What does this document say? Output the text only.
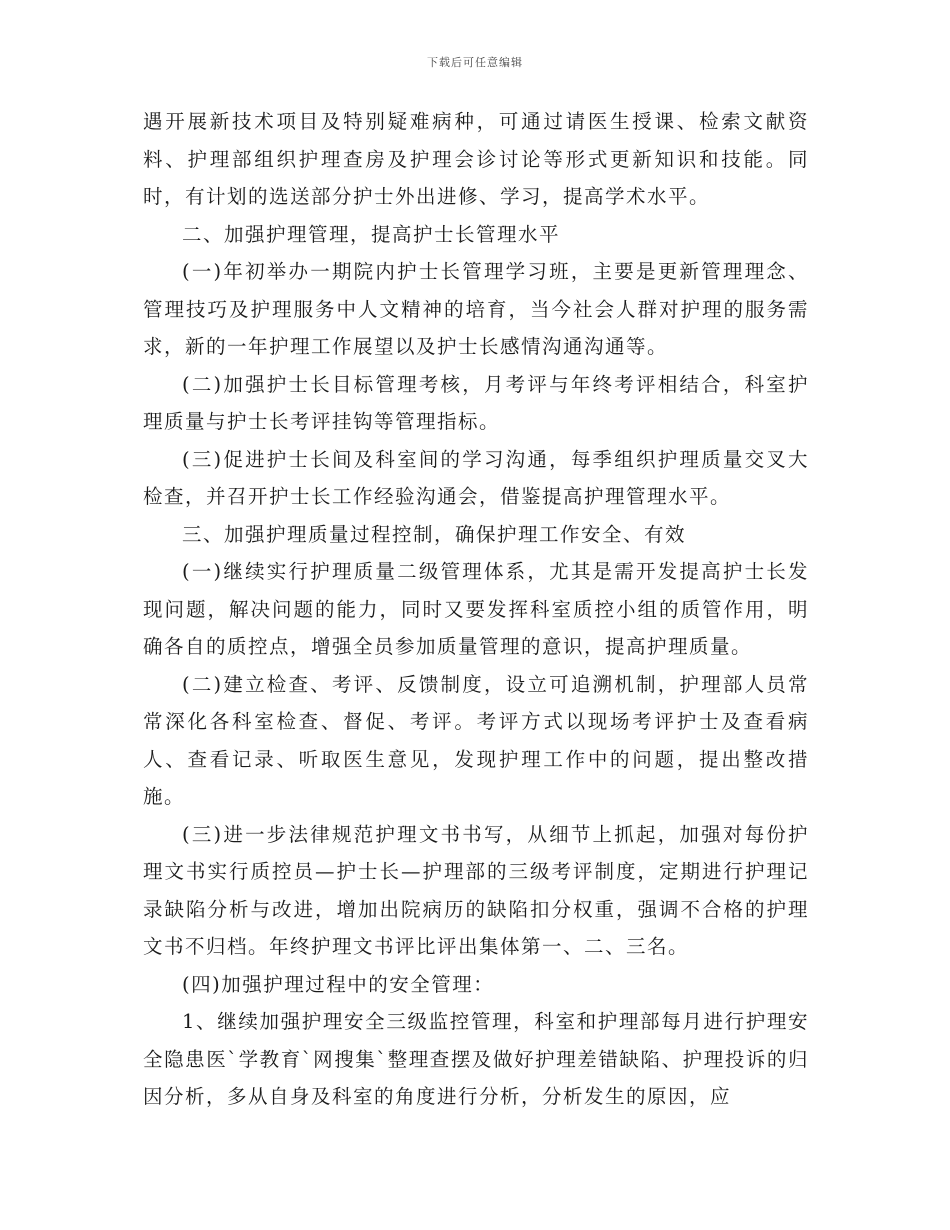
下载后可任意编辑

遇开展新技术项目及特别疑难病种，可通过请医生授课、检索文献资料、护理部组织护理查房及护理会诊讨论等形式更新知识和技能。同时，有计划的选送部分护士外出进修、学习，提高学术水平。

二、加强护理管理，提高护士长管理水平

(一)年初举办一期院内护士长管理学习班，主要是更新管理理念、管理技巧及护理服务中人文精神的培育，当今社会人群对护理的服务需求，新的一年护理工作展望以及护士长感情沟通沟通等。

(二)加强护士长目标管理考核，月考评与年终考评相结合，科室护理质量与护士长考评挂钩等管理指标。

(三)促进护士长间及科室间的学习沟通，每季组织护理质量交叉大检查，并召开护士长工作经验沟通会，借鉴提高护理管理水平。

三、加强护理质量过程控制，确保护理工作安全、有效

(一)继续实行护理质量二级管理体系，尤其是需开发提高护士长发现问题，解决问题的能力，同时又要发挥科室质控小组的质管作用，明确各自的质控点，增强全员参加质量管理的意识，提高护理质量。

(二)建立检查、考评、反馈制度，设立可追溯机制，护理部人员常常深化各科室检查、督促、考评。考评方式以现场考评护士及查看病人、查看记录、听取医生意见，发现护理工作中的问题，提出整改措施。

(三)进一步法律规范护理文书书写，从细节上抓起，加强对每份护理文书实行质控员—护士长—护理部的三级考评制度，定期进行护理记录缺陷分析与改进，增加出院病历的缺陷扣分权重，强调不合格的护理文书不归档。年终护理文书评比评出集体第一、二、三名。

(四)加强护理过程中的安全管理：

1、继续加强护理安全三级监控管理，科室和护理部每月进行护理安全隐患医`学教育`网搜集`整理查摆及做好护理差错缺陷、护理投诉的归因分析，多从自身及科室的角度进行分析，分析发生的原因，应
